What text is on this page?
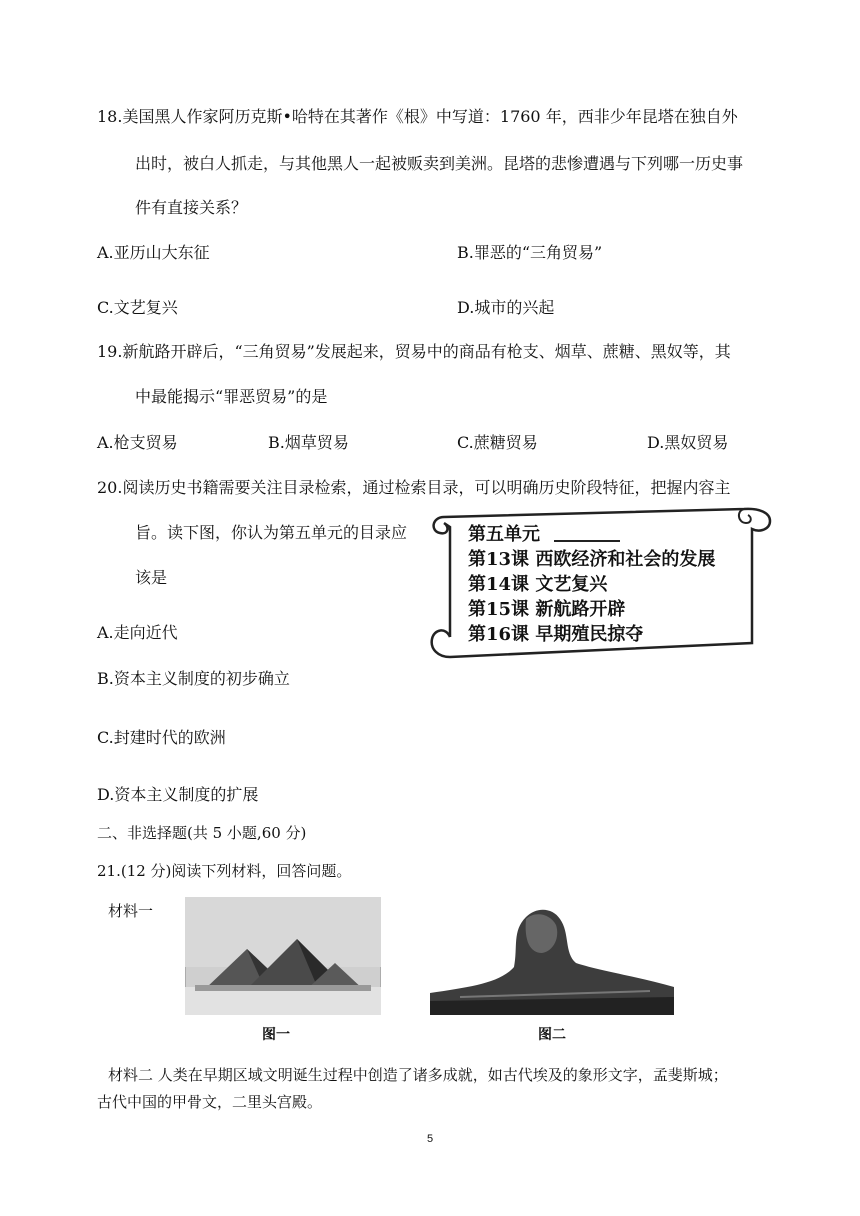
18.美国黑人作家阿历克斯•哈特在其著作《根》中写道：1760 年，西非少年昆塔在独自外
出时，被白人抓走，与其他黑人一起被贩卖到美洲。昆塔的悲惨遭遇与下列哪一历史事
件有直接关系？
A.亚历山大东征	B.罪恶的“三角贸易”
C.文艺复兴	D.城市的兴起
19.新航路开辟后，“三角贸易”发展起来，贸易中的商品有枪支、烟草、蔗糖、黑奴等，其
中最能揭示“罪恶贸易”的是
A.枪支贸易	B.烟草贸易	C.蔗糖贸易	D.黑奴贸易
20.阅读历史书籍需要关注目录检索，通过检索目录，可以明确历史阶段特征，把握内容主
旨。读下图，你认为第五单元的目录应
该是
A.走向近代
B.资本主义制度的初步确立
C.封建时代的欧洲
D.资本主义制度的扩展
第五单元
第13课 西欧经济和社会的发展
第14课 文艺复兴
第15课 新航路开辟
第16课 早期殖民掠夺
二、非选择题(共 5 小题,60 分)
21.(12 分)阅读下列材料，回答问题。
材料一
图一	图二
材料二 人类在早期区域文明诞生过程中创造了诸多成就，如古代埃及的象形文字，孟斐斯城；
古代中国的甲骨文，二里头宫殿。
5
